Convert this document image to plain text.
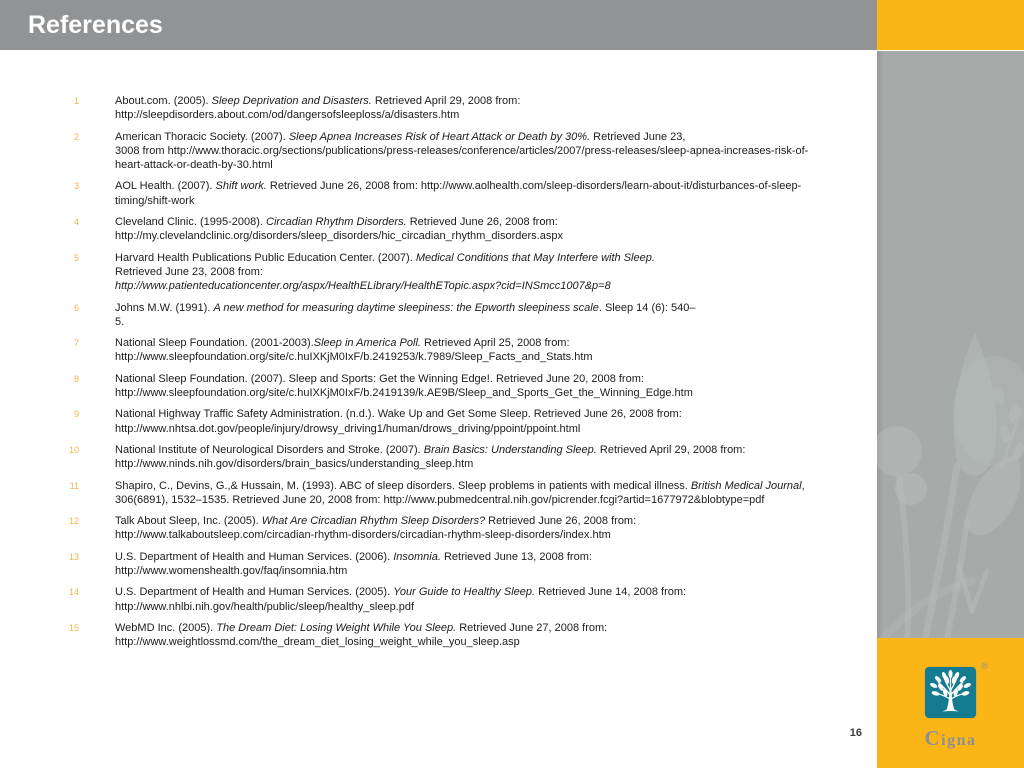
References
1	About.com. (2005). Sleep Deprivation and Disasters. Retrieved April 29, 2008 from: http://sleepdisorders.about.com/od/dangersofsleeploss/a/disasters.htm
2	American Thoracic Society. (2007). Sleep Apnea Increases Risk of Heart Attack or Death by 30%. Retrieved June 23,
3008 from http://www.thoracic.org/sections/publications/press-releases/conference/articles/2007/press-releases/sleep-apnea-increases-risk-of-heart-attack-or-death-by-30.html
3	AOL Health. (2007). Shift work. Retrieved June 26, 2008 from: http://www.aolhealth.com/sleep-disorders/learn-about-it/disturbances-of-sleep-timing/shift-work
4	Cleveland Clinic. (1995-2008). Circadian Rhythm Disorders. Retrieved June 26, 2008 from: http://my.clevelandclinic.org/disorders/sleep_disorders/hic_circadian_rhythm_disorders.aspx
5	Harvard Health Publications Public Education Center. (2007). Medical Conditions that May Interfere with Sleep.
Retrieved June 23, 2008 from:
http://www.patienteducationcenter.org/aspx/HealthELibrary/HealthETopic.aspx?cid=INSmcc1007&p=8
6	Johns M.W. (1991). A new method for measuring daytime sleepiness: the Epworth sleepiness scale. Sleep 14 (6): 540–
5.
7	National Sleep Foundation. (2001-2003).Sleep in America Poll. Retrieved April 25, 2008 from: http://www.sleepfoundation.org/site/c.huIXKjM0IxF/b.2419253/k.7989/Sleep_Facts_and_Stats.htm
8	National Sleep Foundation. (2007). Sleep and Sports: Get the Winning Edge!. Retrieved June 20, 2008 from: http://www.sleepfoundation.org/site/c.huIXKjM0IxF/b.2419139/k.AE9B/Sleep_and_Sports_Get_the_Winning_Edge.htm
9	National Highway Traffic Safety Administration. (n.d.). Wake Up and Get Some Sleep. Retrieved June 26, 2008 from: http://www.nhtsa.dot.gov/people/injury/drowsy_driving1/human/drows_driving/ppoint/ppoint.html
10	National Institute of Neurological Disorders and Stroke. (2007). Brain Basics: Understanding Sleep. Retrieved April 29, 2008 from: http://www.ninds.nih.gov/disorders/brain_basics/understanding_sleep.htm
11	Shapiro, C., Devins, G.,& Hussain, M. (1993). ABC of sleep disorders. Sleep problems in patients with medical illness. British Medical Journal, 306(6891), 1532–1535. Retrieved June 20, 2008 from: http://www.pubmedcentral.nih.gov/picrender.fcgi?artid=1677972&blobtype=pdf
12	Talk About Sleep, Inc. (2005). What Are Circadian Rhythm Sleep Disorders? Retrieved June 26, 2008 from: http://www.talkaboutsleep.com/circadian-rhythm-disorders/circadian-rhythm-sleep-disorders/index.htm
13	U.S. Department of Health and Human Services. (2006). Insomnia. Retrieved June 13, 2008 from: http://www.womenshealth.gov/faq/insomnia.htm
14	U.S. Department of Health and Human Services. (2005). Your Guide to Healthy Sleep. Retrieved June 14, 2008 from: http://www.nhlbi.nih.gov/health/public/sleep/healthy_sleep.pdf
15	WebMD Inc. (2005). The Dream Diet: Losing Weight While You Sleep. Retrieved June 27, 2008 from: http://www.weightlossmd.com/the_dream_diet_losing_weight_while_you_sleep.asp
16
®
Cigna
